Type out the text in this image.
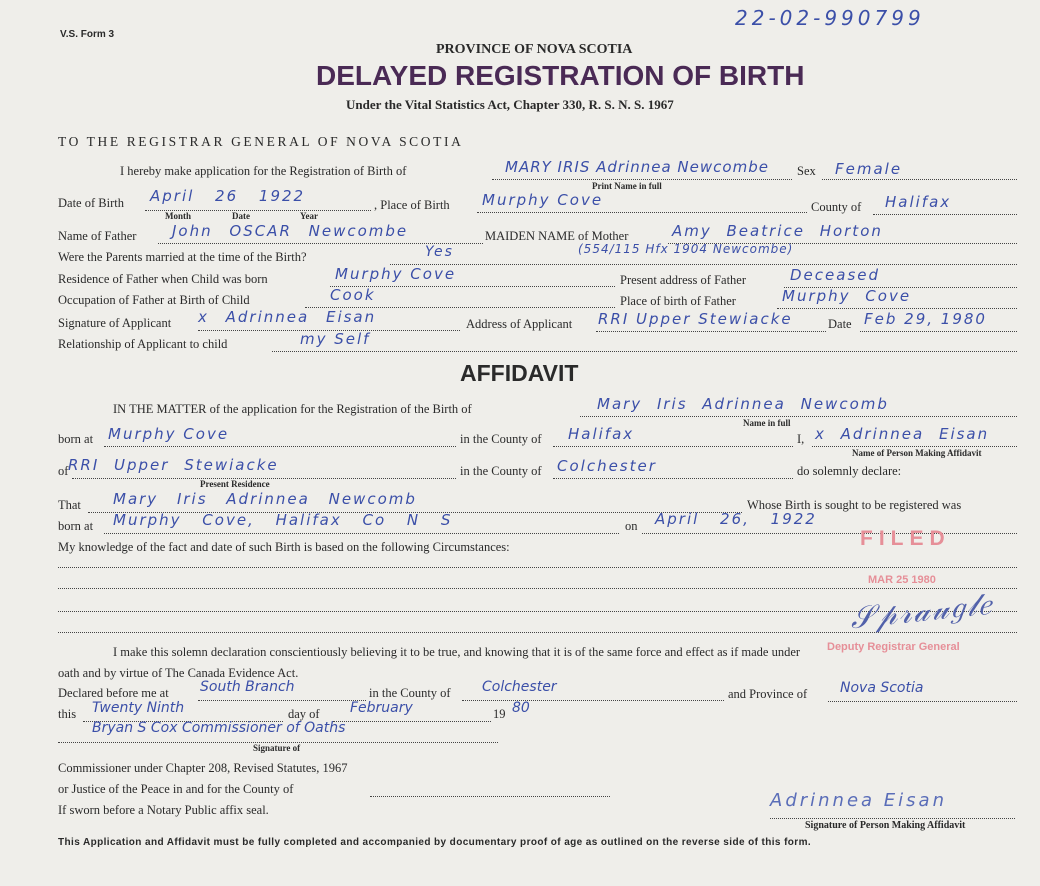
V.S. Form 3
22-02-990799
PROVINCE OF NOVA SCOTIA
DELAYED REGISTRATION OF BIRTH
Under the Vital Statistics Act, Chapter 330, R. S. N. S. 1967
TO THE REGISTRAR GENERAL OF NOVA SCOTIA
I hereby make application for the Registration of Birth of	MARY IRIS Adrinnea Newcombe
Print Name in full
Sex Female
Date of Birth April 26 1922
Month	Date	Year
, Place of Birth Murphy Cove	County of Halifax
Name of Father John OSCAR Newcombe	MAIDEN NAME of Mother	Amy Beatrice Horton
Were the Parents married at the time of the Birth?	Yes	(554/115 Hfx 1904 Newcombe)
Residence of Father when Child was born	Murphy Cove	Present address of Father	Deceased
Occupation of Father at Birth of Child	Cook	Place of birth of Father	Murphy Cove
Signature of Applicant x Adrinnea Eisan	Address of Applicant RRI Upper Stewiacke	Date Feb 29, 1980
Relationship of Applicant to child	my Self
AFFIDAVIT
IN THE MATTER of the application for the Registration of the Birth of	Mary Iris Adrinnea Newcomb
Name in full
born at Murphy Cove	in the County of Halifax	I, x Adrinnea Eisan
Name of Person Making Affidavit
of RRI Upper Stewiacke
Present Residence
in the County of Colchester	do solemnly declare:
That Mary Iris Adrinnea Newcomb	Whose Birth is sought to be registered was
born at Murphy Cove, Halifax Co N S	on April 26, 1922
My knowledge of the fact and date of such Birth is based on the following Circumstances:	FILED
MAR 25 1980
𝒮𝓅𝓇𝒶𝓊𝑔𝓁𝑒
Deputy Registrar General
I make this solemn declaration conscientiously believing it to be true, and knowing that it is of the same force and effect as if made under
oath and by virtue of The Canada Evidence Act.
Declared before me at South Branch	in the County of Colchester	and Province of Nova Scotia
this Twenty Ninth	day of February	19 80
Bryan S Cox Commissioner of Oaths
Signature of
Commissioner under Chapter 208, Revised Statutes, 1967
or Justice of the Peace in and for the County of
If sworn before a Notary Public affix seal.	Adrinnea Eisan
Signature of Person Making Affidavit
This Application and Affidavit must be fully completed and accompanied by documentary proof of age as outlined on the reverse side of this form.
